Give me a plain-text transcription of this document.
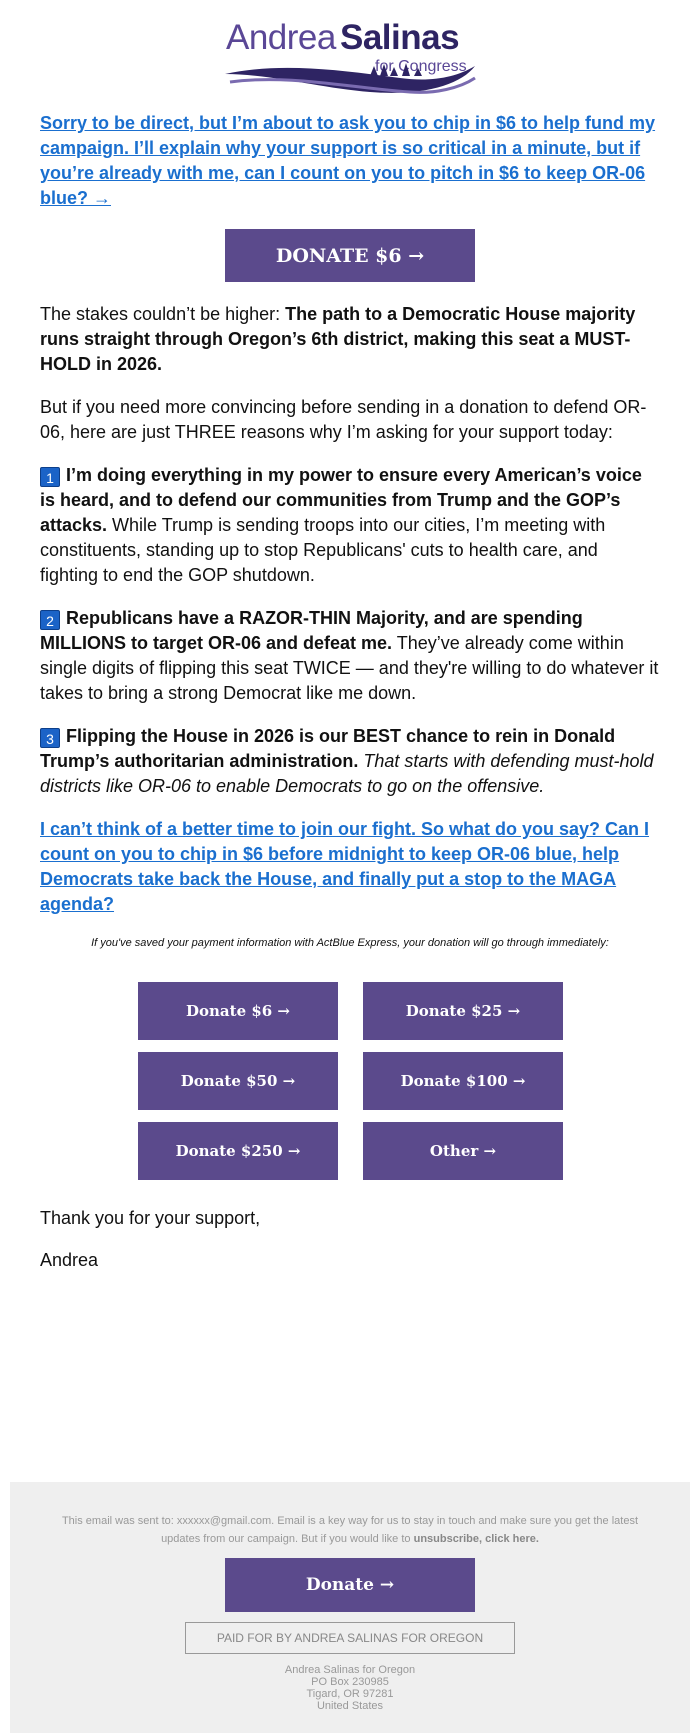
Andrea Salinas
for Congress
Sorry to be direct, but I’m about to ask you to chip in $6 to help fund my campaign. I’ll explain why your support is so critical in a minute, but if you’re already with me, can I count on you to pitch in $6 to keep OR-06 blue? →
DONATE $6 →

The stakes couldn’t be higher: The path to a Democratic House majority runs straight through Oregon’s 6th district, making this seat a MUST-HOLD in 2026.

But if you need more convincing before sending in a donation to defend OR-06, here are just THREE reasons why I’m asking for your support today:

1 I’m doing everything in my power to ensure every American’s voice is heard, and to defend our communities from Trump and the GOP’s attacks. While Trump is sending troops into our cities, I’m meeting with constituents, standing up to stop Republicans' cuts to health care, and fighting to end the GOP shutdown.

2 Republicans have a RAZOR-THIN Majority, and are spending MILLIONS to target OR-06 and defeat me. They’ve already come within single digits of flipping this seat TWICE — and they're willing to do whatever it takes to bring a strong Democrat like me down.

3 Flipping the House in 2026 is our BEST chance to rein in Donald Trump’s authoritarian administration. That starts with defending must-hold districts like OR-06 to enable Democrats to go on the offensive.

I can’t think of a better time to join our fight. So what do you say? Can I count on you to chip in $6 before midnight to keep OR-06 blue, help Democrats take back the House, and finally put a stop to the MAGA agenda?
If you've saved your payment information with ActBlue Express, your donation will go through immediately:
Donate $6 →	Donate $25 →
Donate $50 →	Donate $100 →
Donate $250 →	Other →

Thank you for your support,

Andrea

This email was sent to: xxxxxx@gmail.com. Email is a key way for us to stay in touch and make sure you get the latest updates from our campaign. But if you would like to unsubscribe, click here.
Donate →
PAID FOR BY ANDREA SALINAS FOR OREGON
Andrea Salinas for Oregon
PO Box 230985
Tigard, OR 97281
United States
